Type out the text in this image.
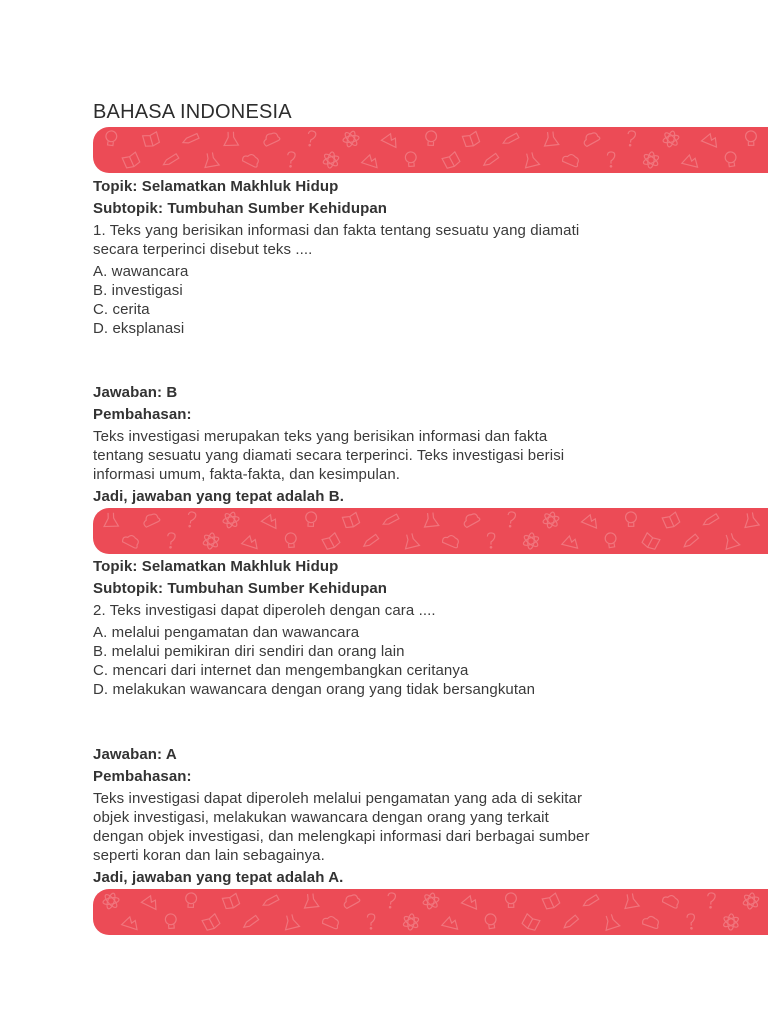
BAHASA INDONESIA

Topik: Selamatkan Makhluk Hidup

Subtopik: Tumbuhan Sumber Kehidupan

1. Teks yang berisikan informasi dan fakta tentang sesuatu yang diamati

secara terperinci disebut teks ....

A. wawancara

B. investigasi

C. cerita

D. eksplanasi

Jawaban: B

Pembahasan:

Teks investigasi merupakan teks yang berisikan informasi dan fakta

tentang sesuatu yang diamati secara terperinci. Teks investigasi berisi

informasi umum, fakta-fakta, dan kesimpulan.

Jadi, jawaban yang tepat adalah B.

Topik: Selamatkan Makhluk Hidup

Subtopik: Tumbuhan Sumber Kehidupan

2. Teks investigasi dapat diperoleh dengan cara ....

A. melalui pengamatan dan wawancara

B. melalui pemikiran diri sendiri dan orang lain

C. mencari dari internet dan mengembangkan ceritanya

D. melakukan wawancara dengan orang yang tidak bersangkutan

Jawaban: A

Pembahasan:

Teks investigasi dapat diperoleh melalui pengamatan yang ada di sekitar

objek investigasi, melakukan wawancara dengan orang yang terkait

dengan objek investigasi, dan melengkapi informasi dari berbagai sumber

seperti koran dan lain sebagainya.

Jadi, jawaban yang tepat adalah A.
